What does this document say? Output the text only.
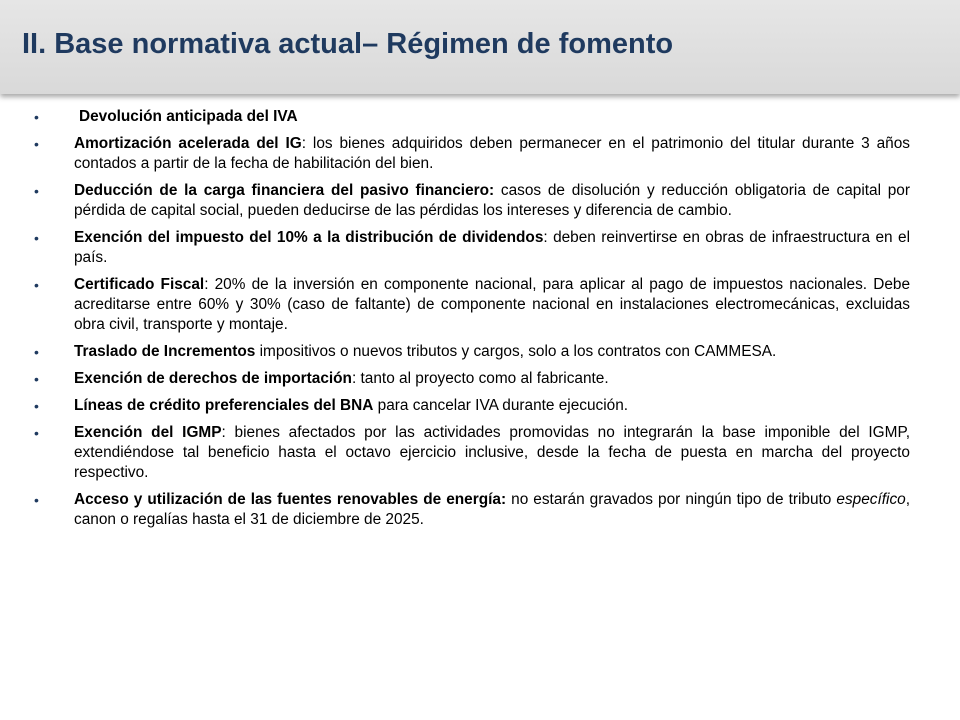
II. Base normativa actual– Régimen de fomento
•	Devolución anticipada del IVA
• Amortización acelerada del IG: los bienes adquiridos deben permanecer en el patrimonio del titular durante 3 años contados a partir de la fecha de habilitación del bien.
• Deducción de la carga financiera del pasivo financiero: casos de disolución y reducción obligatoria de capital por pérdida de capital social, pueden deducirse de las pérdidas los intereses y diferencia de cambio.
• Exención del impuesto del 10% a la distribución de dividendos: deben reinvertirse en obras de infraestructura en el país.
• Certificado Fiscal: 20% de la inversión en componente nacional, para aplicar al pago de impuestos nacionales. Debe acreditarse entre 60% y 30% (caso de faltante) de componente nacional en instalaciones electromecánicas, excluidas obra civil, transporte y montaje.
• Traslado de Incrementos impositivos o nuevos tributos y cargos, solo a los contratos con CAMMESA.
• Exención de derechos de importación: tanto al proyecto como al fabricante.
• Líneas de crédito preferenciales del BNA para cancelar IVA durante ejecución.
• Exención del IGMP: bienes afectados por las actividades promovidas no integrarán la base imponible del IGMP, extendiéndose tal beneficio hasta el octavo ejercicio inclusive, desde la fecha de puesta en marcha del proyecto respectivo.
• Acceso y utilización de las fuentes renovables de energía: no estarán gravados por ningún tipo de tributo específico, canon o regalías hasta el 31 de diciembre de 2025.
